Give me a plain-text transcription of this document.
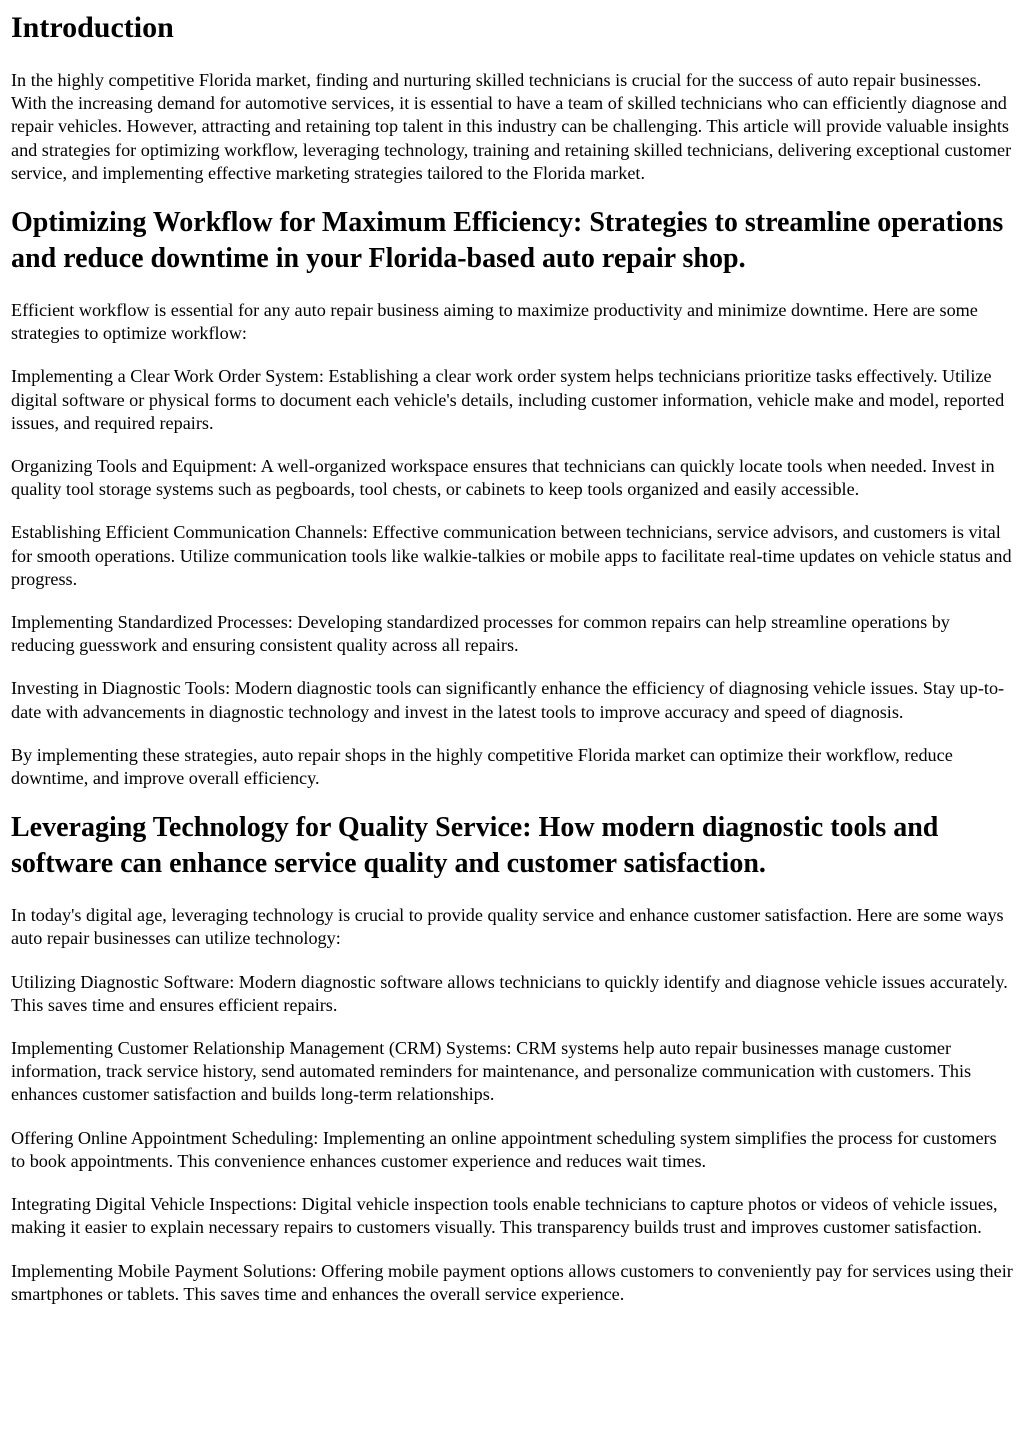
Introduction

In the highly competitive Florida market, finding and nurturing skilled technicians is crucial for the success of auto repair businesses. With the increasing demand for automotive services, it is essential to have a team of skilled technicians who can efficiently diagnose and repair vehicles. However, attracting and retaining top talent in this industry can be challenging. This article will provide valuable insights and strategies for optimizing workflow, leveraging technology, training and retaining skilled technicians, delivering exceptional customer service, and implementing effective marketing strategies tailored to the Florida market.

Optimizing Workflow for Maximum Efficiency: Strategies to streamline operations and reduce downtime in your Florida-based auto repair shop.

Efficient workflow is essential for any auto repair business aiming to maximize productivity and minimize downtime. Here are some strategies to optimize workflow:

Implementing a Clear Work Order System: Establishing a clear work order system helps technicians prioritize tasks effectively. Utilize digital software or physical forms to document each vehicle's details, including customer information, vehicle make and model, reported issues, and required repairs.

Organizing Tools and Equipment: A well-organized workspace ensures that technicians can quickly locate tools when needed. Invest in quality tool storage systems such as pegboards, tool chests, or cabinets to keep tools organized and easily accessible.

Establishing Efficient Communication Channels: Effective communication between technicians, service advisors, and customers is vital for smooth operations. Utilize communication tools like walkie-talkies or mobile apps to facilitate real-time updates on vehicle status and progress.

Implementing Standardized Processes: Developing standardized processes for common repairs can help streamline operations by reducing guesswork and ensuring consistent quality across all repairs.

Investing in Diagnostic Tools: Modern diagnostic tools can significantly enhance the efficiency of diagnosing vehicle issues. Stay up-to-date with advancements in diagnostic technology and invest in the latest tools to improve accuracy and speed of diagnosis.

By implementing these strategies, auto repair shops in the highly competitive Florida market can optimize their workflow, reduce downtime, and improve overall efficiency.

Leveraging Technology for Quality Service: How modern diagnostic tools and software can enhance service quality and customer satisfaction.

In today's digital age, leveraging technology is crucial to provide quality service and enhance customer satisfaction. Here are some ways auto repair businesses can utilize technology:

Utilizing Diagnostic Software: Modern diagnostic software allows technicians to quickly identify and diagnose vehicle issues accurately. This saves time and ensures efficient repairs.

Implementing Customer Relationship Management (CRM) Systems: CRM systems help auto repair businesses manage customer information, track service history, send automated reminders for maintenance, and personalize communication with customers. This enhances customer satisfaction and builds long-term relationships.

Offering Online Appointment Scheduling: Implementing an online appointment scheduling system simplifies the process for customers to book appointments. This convenience enhances customer experience and reduces wait times.

Integrating Digital Vehicle Inspections: Digital vehicle inspection tools enable technicians to capture photos or videos of vehicle issues, making it easier to explain necessary repairs to customers visually. This transparency builds trust and improves customer satisfaction.

Implementing Mobile Payment Solutions: Offering mobile payment options allows customers to conveniently pay for services using their smartphones or tablets. This saves time and enhances the overall service experience.
